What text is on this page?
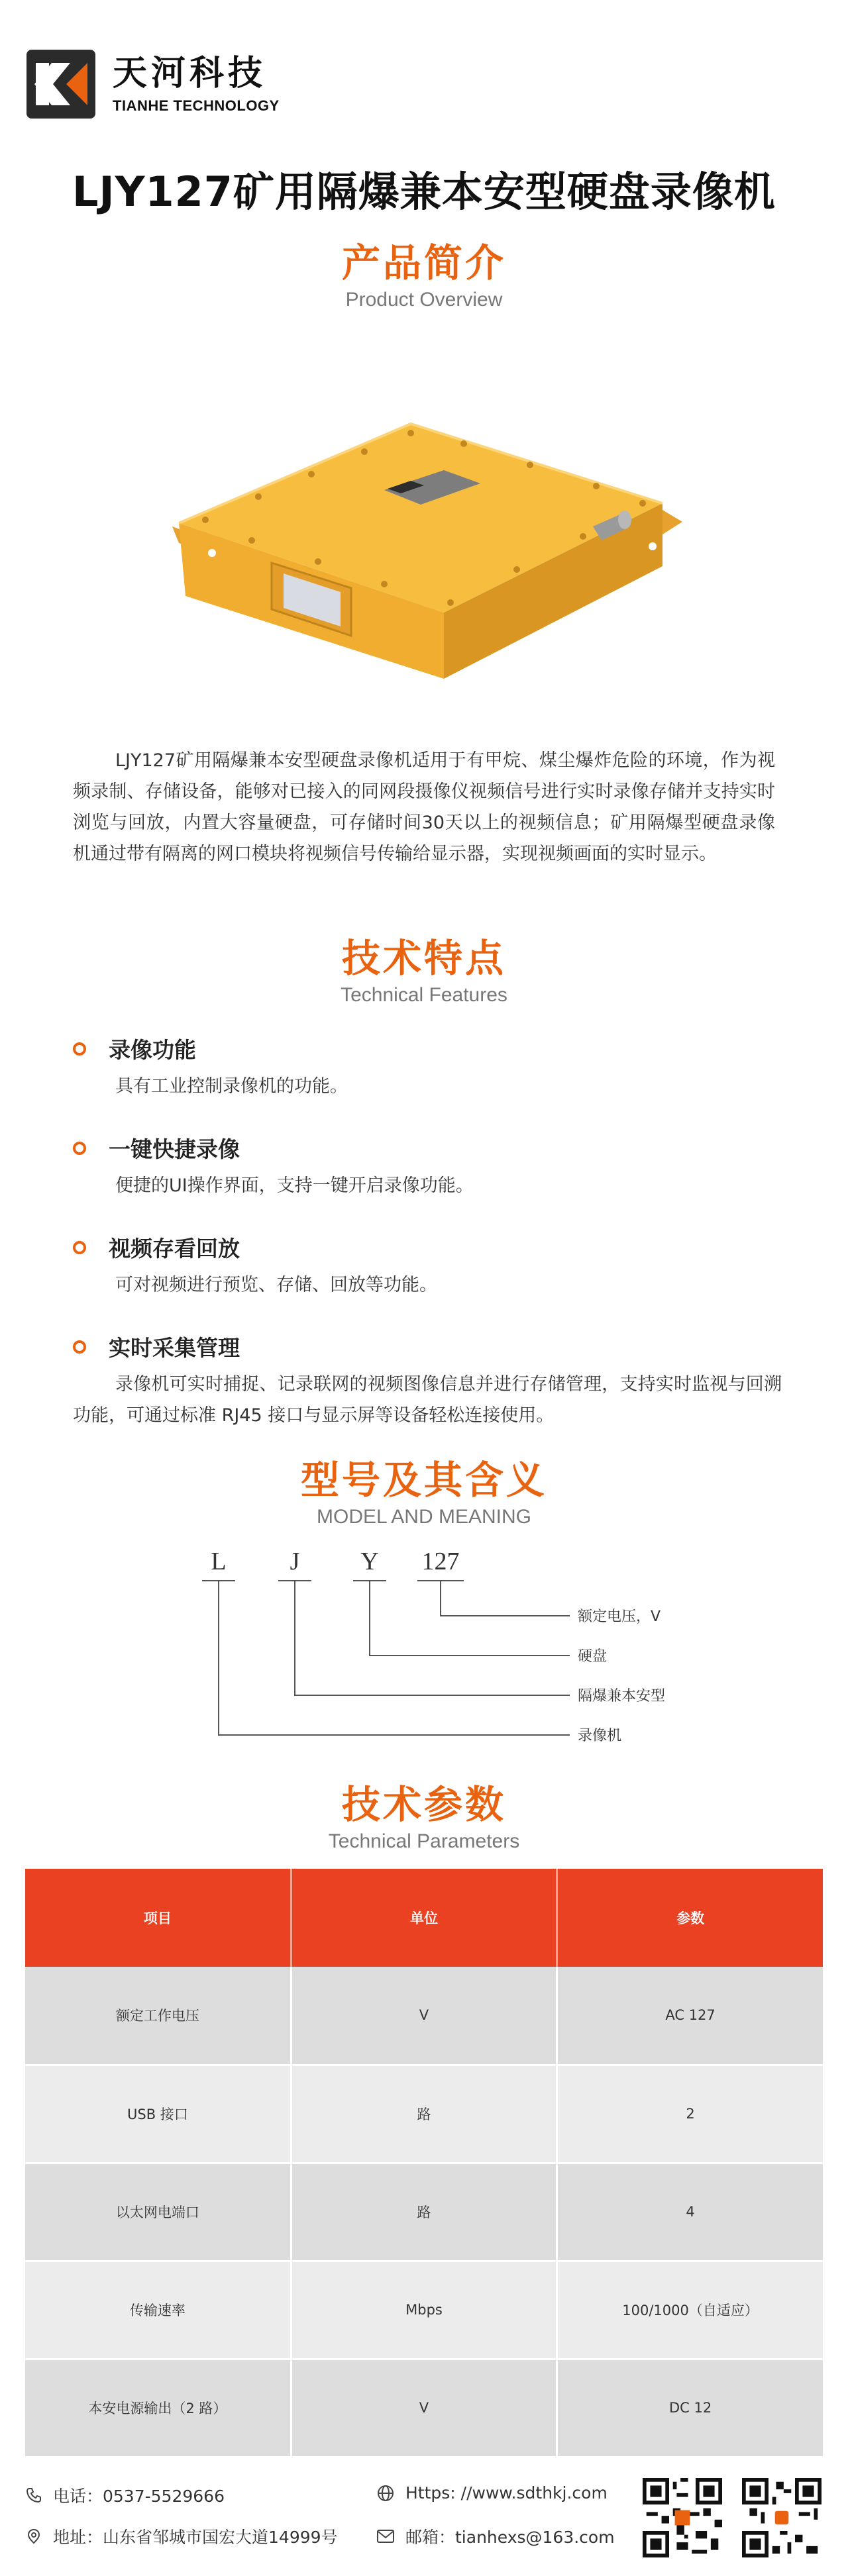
天河科技
TIANHE TECHNOLOGY
LJY127矿用隔爆兼本安型硬盘录像机
产品简介
Product Overview
LJY127矿用隔爆兼本安型硬盘录像机适用于有甲烷、煤尘爆炸危险的环境，作为视频录制、存储设备，能够对已接入的同网段摄像仪视频信号进行实时录像存储并支持实时浏览与回放，内置大容量硬盘，可存储时间30天以上的视频信息；矿用隔爆型硬盘录像机通过带有隔离的网口模块将视频信号传输给显示器，实现视频画面的实时显示。
技术特点
Technical Features
录像功能
具有工业控制录像机的功能。
一键快捷录像
便捷的UI操作界面，支持一键开启录像功能。
视频存看回放
可对视频进行预览、存储、回放等功能。
实时采集管理
录像机可实时捕捉、记录联网的视频图像信息并进行存储管理，支持实时监视与回溯功能，可通过标准 RJ45 接口与显示屏等设备轻松连接使用。
型号及其含义
MODEL AND MEANING
L	J Y 127
额定电压，V
硬盘
隔爆兼本安型
录像机
技术参数
Technical Parameters
项目	单位	参数
额定工作电压	V	AC 127
USB 接口	路	2
以太网电端口	路	4
传输速率	Mbps	100/1000（自适应）
本安电源输出（2 路）	V	DC 12
电话：0537-5529666
地址：山东省邹城市国宏大道14999号
Https: //www.sdthkj.com
邮箱：tianhexs@163.com
